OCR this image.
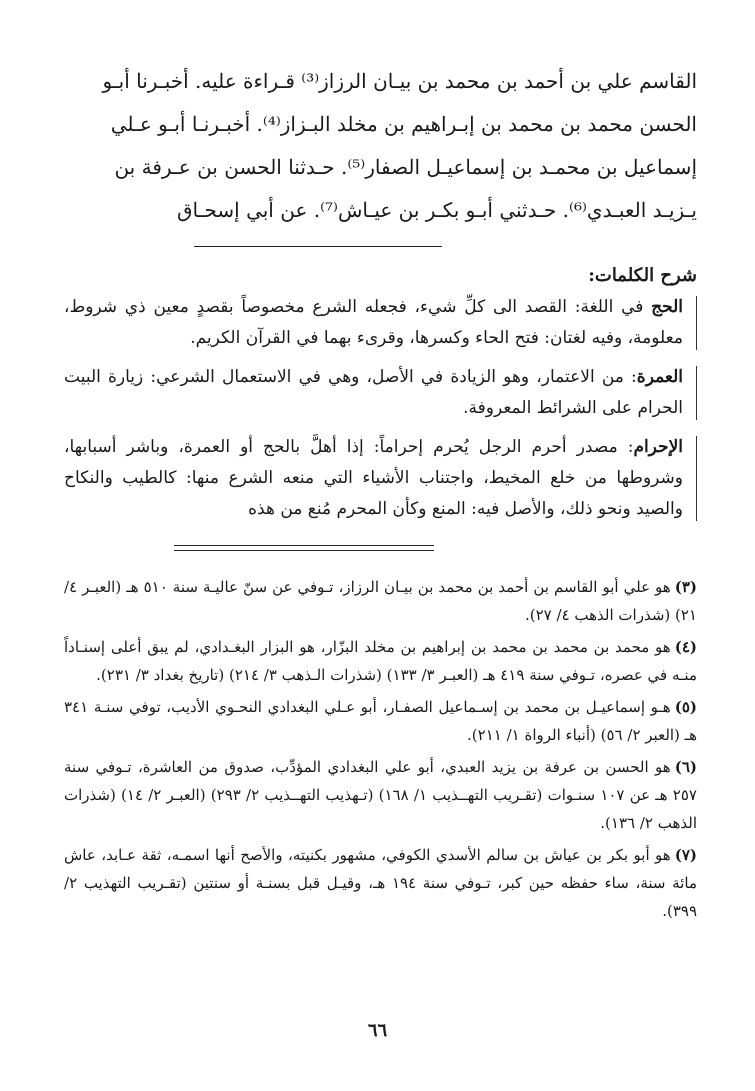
القاسم علي بن أحمد بن محمد بن بيـان الرزاز⁽³⁾ قـراءة عليه. أخبـرنا أبـو

الحسن محمد بن محمد بن إبـراهيم بن مخلد البـزاز⁽⁴⁾. أخبـرنـا أبـو عـلي

إسماعيل بن محمـد بن إسماعيـل الصفار⁽⁵⁾. حـدثنا الحسن بن عـرفة بن

يـزيـد العبـدي⁽⁶⁾. حـدثني أبـو بكـر بن عيـاش⁽⁷⁾. عن أبي إسحـاق

شرح الكلمات:

الحج في اللغة: القصد الى كلِّ شيء، فجعله الشرع مخصوصاً بقصدٍ معين ذي شروط، معلومة، وفيه لغتان: فتح الحاء وكسرها، وقرىء بهما في القرآن الكريم.

العمرة: من الاعتمار، وهو الزيادة في الأصل، وهي في الاستعمال الشرعي: زيارة البيت الحرام على الشرائط المعروفة.

الإحرام: مصدر أحرم الرجل يُحرم إحراماً: إذا أهلَّ بالحج أو العمرة، وباشر أسبابها، وشروطها من خلع المخيط، واجتناب الأشياء التي منعه الشرع منها: كالطيب والنكاح والصيد ونحو ذلك، والأصل فيه: المنع وكأن المحرم مُنع من هذه

(٣)هو علي أبو القاسم بن أحمد بن محمد بن بيـان الرزاز، تـوفي عن سنّ عاليـة سنة ٥١٠ هـ (العبـر ٤/ ٢١) (شذرات الذهب ٤/ ٢٧).

(٤)هو محمد بن محمد بن محمد بن إبراهيم بن مخلد البزّار، هو البزار البغـدادي، لم يبق أعلى إسنـاداً منـه في عصره، تـوفي سنة ٤١٩ هـ (العبـر ٣/ ١٣٣) (شذرات الـذهب ٣/ ٢١٤) (تاريخ بغداد ٣/ ٢٣١).

(٥)هـو إسماعيـل بن محمد بن إسـماعيل الصفـار، أبو عـلي البغدادي النحـوي الأديب، توفي سنـة ٣٤١ هـ (العبر ٢/ ٥٦) (أنباء الرواة ١/ ٢١١).

(٦)هو الحسن بن عرفة بن يزيد العبدي، أبو علي البغدادي المؤدِّب، صدوق من العاشرة، تـوفي سنة ٢٥٧ هـ عن ١٠٧ سنـوات (تقـريب التهــذيب ١/ ١٦٨) (تـهذيب التهــذيب ٢/ ٢٩٣) (العبـر ٢/ ١٤) (شذرات الذهب ٢/ ١٣٦).

(٧)هو أبو بكر بن عياش بن سالم الأسدي الكوفي، مشهور بكنيته، والأصح أنها اسمـه، ثقة عـابد، عاش مائة سنة، ساء حفظه حين كبر، تـوفي سنة ١٩٤ هـ، وقيـل قبل بسنـة أو سنتين (تقـريب التهذيب ٢/ ٣٩٩).

٦٦
